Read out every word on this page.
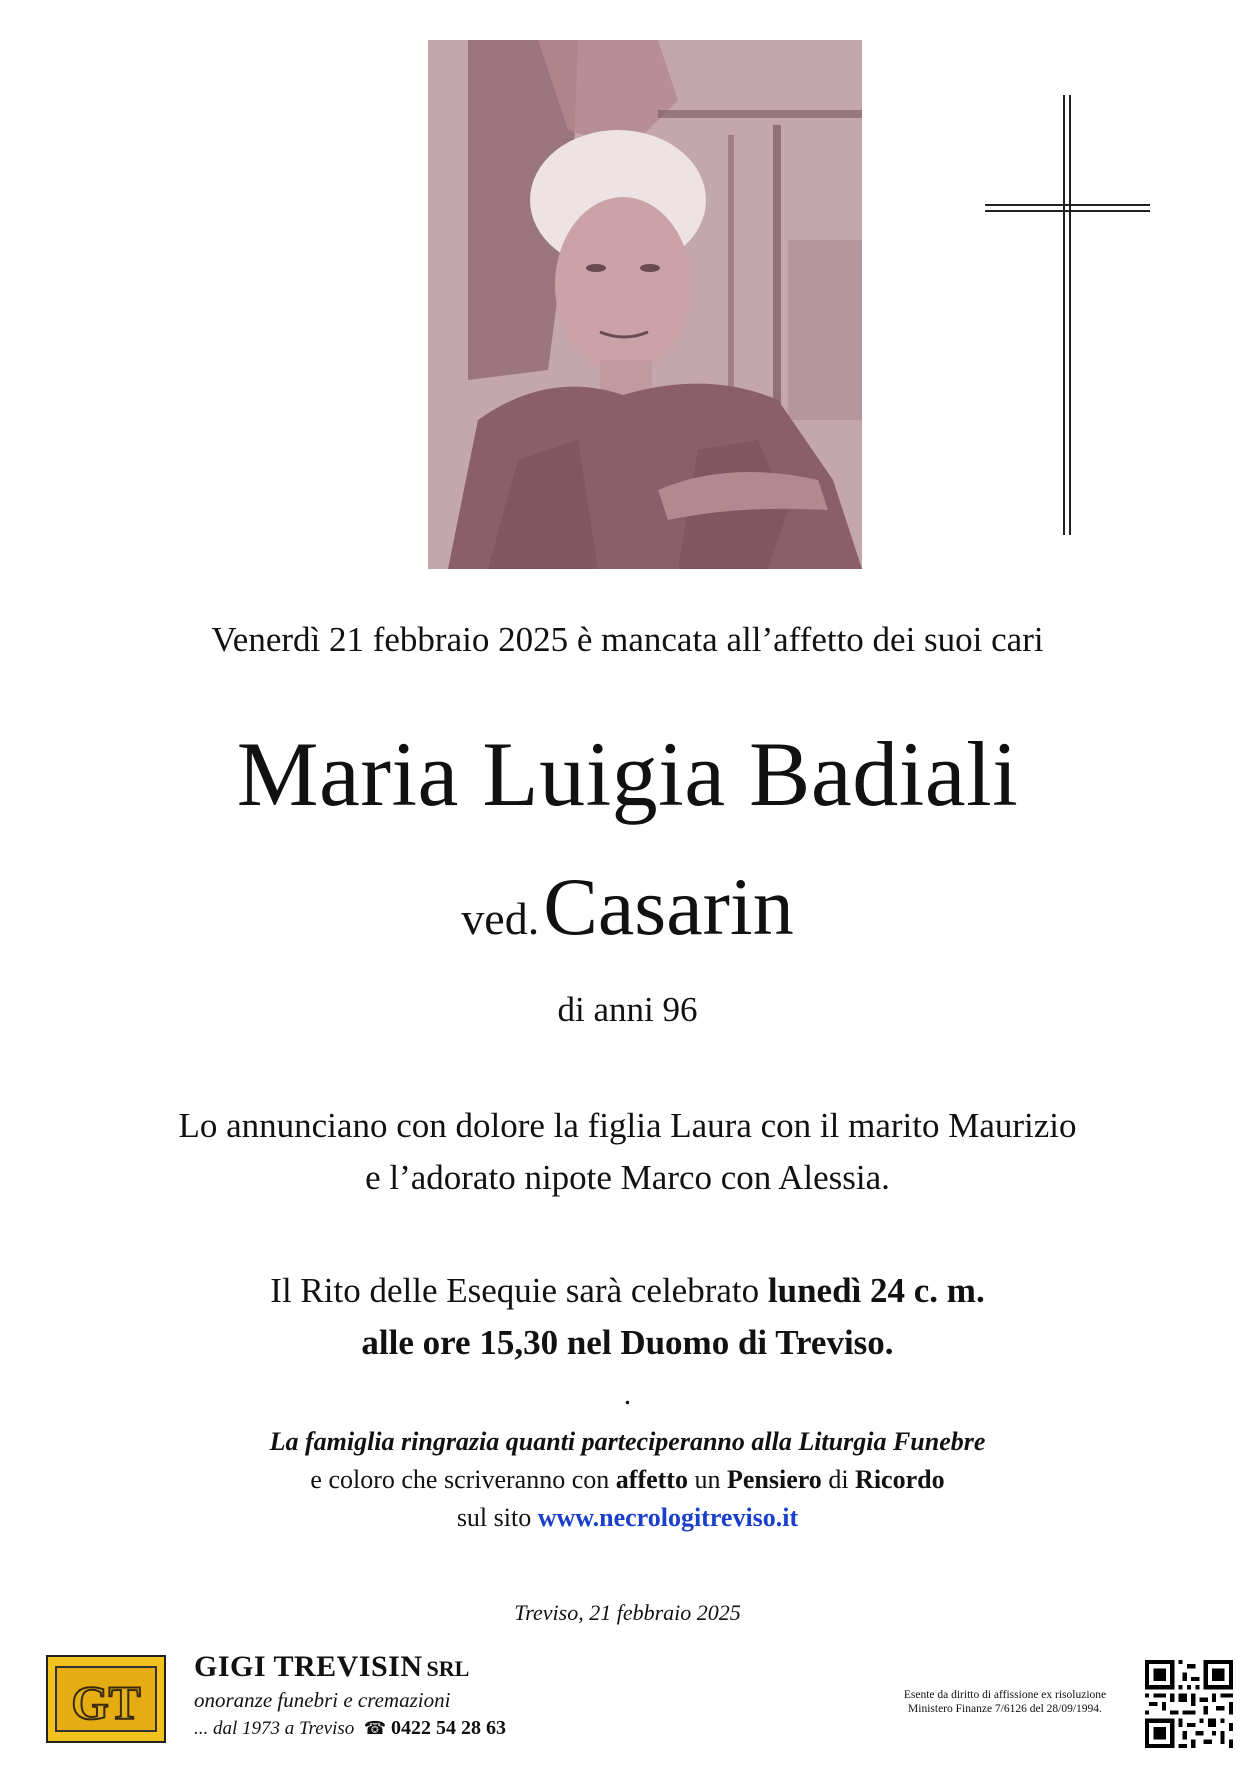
Venerdì 21 febbraio 2025 è mancata all’affetto dei suoi cari
Maria Luigia Badiali
ved. Casarin
di anni 96
Lo annunciano con dolore la figlia Laura con il marito Maurizio
e l’adorato nipote Marco con Alessia.
Il Rito delle Esequie sarà celebrato lunedì 24 c. m.
alle ore 15,30 nel Duomo di Treviso.
.
La famiglia ringrazia quanti parteciperanno alla Liturgia Funebre
e coloro che scriveranno con affetto un Pensiero di Ricordo
sul sito www.necrologitreviso.it
Treviso, 21 febbraio 2025
GT
GIGI TREVISIN SRL
onoranze funebri e cremazioni
... dal 1973 a Treviso ☎ 0422 54 28 63
Esente da diritto di affissione ex risoluzione
Ministero Finanze 7/6126 del 28/09/1994.
